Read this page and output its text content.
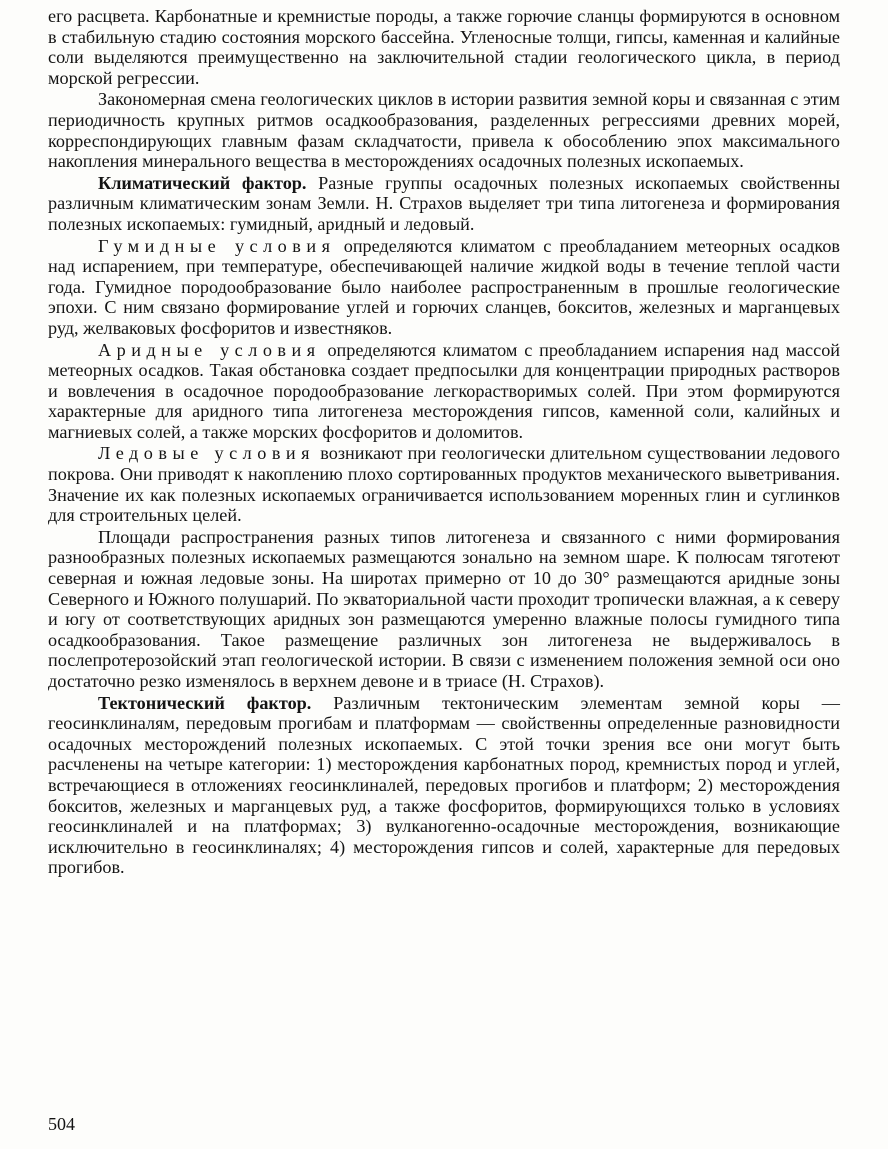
его расцвета. Карбонатные и кремнистые породы, а также горючие сланцы формируются в основном в стабильную стадию состояния морского бассейна. Угленосные толщи, гипсы, каменная и калийные соли выделяются преимущественно на заключительной стадии геологического цикла, в период морской регрессии.

Закономерная смена геологических циклов в истории развития земной коры и связанная с этим периодичность крупных ритмов осадкообразования, разделенных регрессиями древних морей, корреспондирующих главным фазам складчатости, привела к обособлению эпох максимального накопления минерального вещества в месторождениях осадочных полезных ископаемых.

Климатический фактор. Разные группы осадочных полезных ископаемых свойственны различным климатическим зонам Земли. Н. Страхов выделяет три типа литогенеза и формирования полезных ископаемых: гумидный, аридный и ледовый.

Гумидные условия определяются климатом с преобладанием метеорных осадков над испарением, при температуре, обеспечивающей наличие жидкой воды в течение теплой части года. Гумидное породообразование было наиболее распространенным в прошлые геологические эпохи. С ним связано формирование углей и горючих сланцев, бокситов, железных и марганцевых руд, желваковых фосфоритов и известняков.

Аридные условия определяются климатом с преобладанием испарения над массой метеорных осадков. Такая обстановка создает предпосылки для концентрации природных растворов и вовлечения в осадочное породообразование легкорастворимых солей. При этом формируются характерные для аридного типа литогенеза месторождения гипсов, каменной соли, калийных и магниевых солей, а также морских фосфоритов и доломитов.

Ледовые условия возникают при геологически длительном существовании ледового покрова. Они приводят к накоплению плохо сортированных продуктов механического выветривания. Значение их как полезных ископаемых ограничивается использованием моренных глин и суглинков для строительных целей.

Площади распространения разных типов литогенеза и связанного с ними формирования разнообразных полезных ископаемых размещаются зонально на земном шаре. К полюсам тяготеют северная и южная ледовые зоны. На широтах примерно от 10 до 30° размещаются аридные зоны Северного и Южного полушарий. По экваториальной части проходит тропически влажная, а к северу и югу от соответствующих аридных зон размещаются умеренно влажные полосы гумидного типа осадкообразования. Такое размещение различных зон литогенеза не выдерживалось в послепротерозойский этап геологической истории. В связи с изменением положения земной оси оно достаточно резко изменялось в верхнем девоне и в триасе (Н. Страхов).

Тектонический фактор. Различным тектоническим элементам земной коры — геосинклиналям, передовым прогибам и платформам — свойственны определенные разновидности осадочных месторождений полезных ископаемых. С этой точки зрения все они могут быть расчленены на четыре категории: 1) месторождения карбонатных пород, кремнистых пород и углей, встречающиеся в отложениях геосинклиналей, передовых прогибов и платформ; 2) месторождения бокситов, железных и марганцевых руд, а также фосфоритов, формирующихся только в условиях геосинклиналей и на платформах; 3) вулканогенно-осадочные месторождения, возникающие исключительно в геосинклиналях; 4) месторождения гипсов и солей, характерные для передовых прогибов.

504
